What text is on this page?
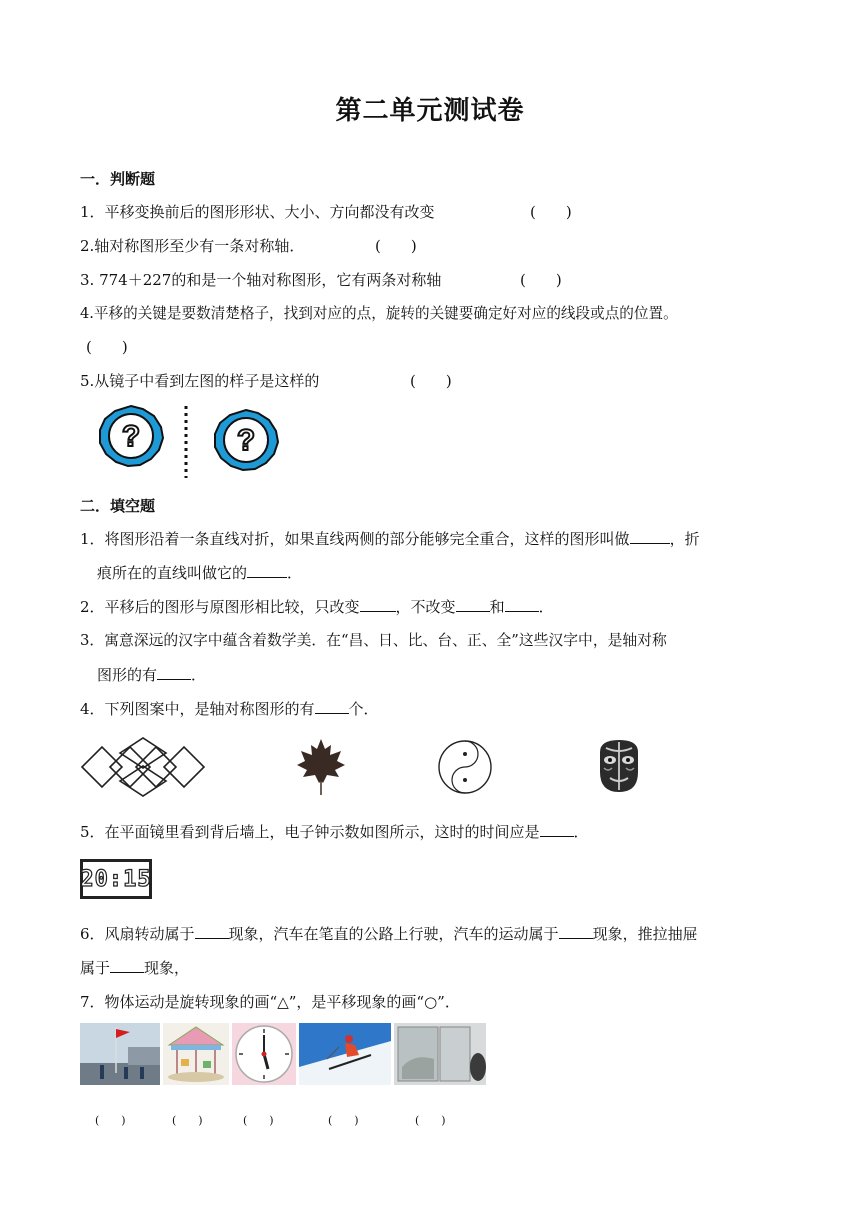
第二单元测试卷
一．判断题
1．平移变换前后的图形形状、大小、方向都没有改变	(　　)
2.轴对称图形至少有一条对称轴．	(　　)
3. 774＋227的和是一个轴对称图形，它有两条对称轴	(　　)
4.平移的关键是要数清楚格子，找到对应的点，旋转的关键要确定好对应的线段或点的位置。
(　　)
5.从镜子中看到左图的样子是这样的	(　　)
?	?
二．填空题
1．将图形沿着一条直线对折，如果直线两侧的部分能够完全重合，这样的图形叫做	，折
痕所在的直线叫做它的	．
2．平移后的图形与原图形相比较，只改变 ，不改变 和 ．
3．寓意深远的汉字中蕴含着数学美．在“昌、日、比、台、正、全”这些汉字中，是轴对称
图形的有 ．
4．下列图案中，是轴对称图形的有 个．
5．在平面镜里看到背后墙上，电子钟示数如图所示，这时的时间应是 ．
20:15
6．风扇转动属于 现象，汽车在笔直的公路上行驶，汽车的运动属于 现象，推拉抽屉
属于 现象，
7．物体运动是旋转现象的画“△”，是平移现象的画“○”．
(　　)	(　　)	(　　)	(　　)	(　　)
